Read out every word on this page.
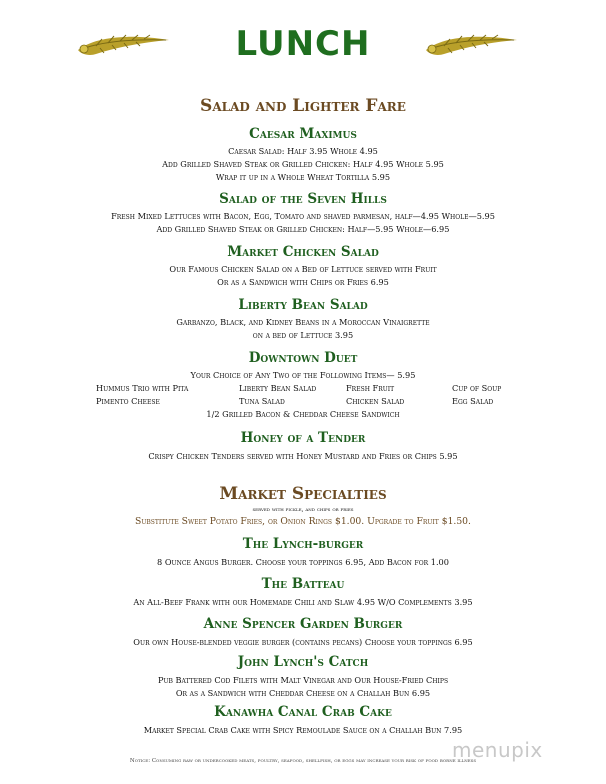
LUNCH
Salad and Lighter Fare
Caesar Maximus
Caesar Salad: Half 3.95 Whole 4.95
Add Grilled Shaved Steak or Grilled Chicken: Half 4.95 Whole 5.95
Wrap it up in a Whole Wheat Tortilla 5.95
Salad of the Seven Hills
Fresh Mixed Lettuces with Bacon, Egg, Tomato and shaved parmesan, half—4.95 Whole—5.95
Add Grilled Shaved Steak or Grilled Chicken: Half—5.95 Whole—6.95
Market Chicken Salad
Our Famous Chicken Salad on a Bed of Lettuce served with Fruit
Or as a Sandwich with Chips or Fries 6.95
Liberty Bean Salad
Garbanzo, Black, and Kidney Beans in a Moroccan Vinaigrette
on a bed of Lettuce 3.95
Downtown Duet
Your Choice of Any Two of the Following Items— 5.95
Hummus Trio with Pita
Pimento Cheese
Liberty Bean Salad
Tuna Salad
Fresh Fruit
Chicken Salad
Cup of Soup
Egg Salad
1/2 Grilled Bacon & Cheddar Cheese Sandwich
Honey of a Tender
Crispy Chicken Tenders served with Honey Mustard and Fries or Chips 5.95
Market Specialties
served with pickle, and chips or fries
Substitute Sweet Potato Fries, or Onion Rings $1.00. Upgrade to Fruit $1.50.
The Lynch-burger
8 Ounce Angus Burger. Choose your toppings 6.95, Add Bacon for 1.00
The Batteau
An All-Beef Frank with our Homemade Chili and Slaw 4.95 W/O Complements 3.95
Anne Spencer Garden Burger
Our own House-blended veggie burger (contains pecans) Choose your toppings 6.95
John Lynch's Catch
Pub Battered Cod Filets with Malt Vinegar and Our House-Fried Chips
Or as a Sandwich with Cheddar Cheese on a Challah Bun 6.95
Kanawha Canal Crab Cake
Market Special Crab Cake with Spicy Remoulade Sauce on a Challah Bun 7.95
menupix
Notice: Consuming raw or undercooked meats, poultry, seafood, shellfish, or eggs may increase your risk of food borne illness
